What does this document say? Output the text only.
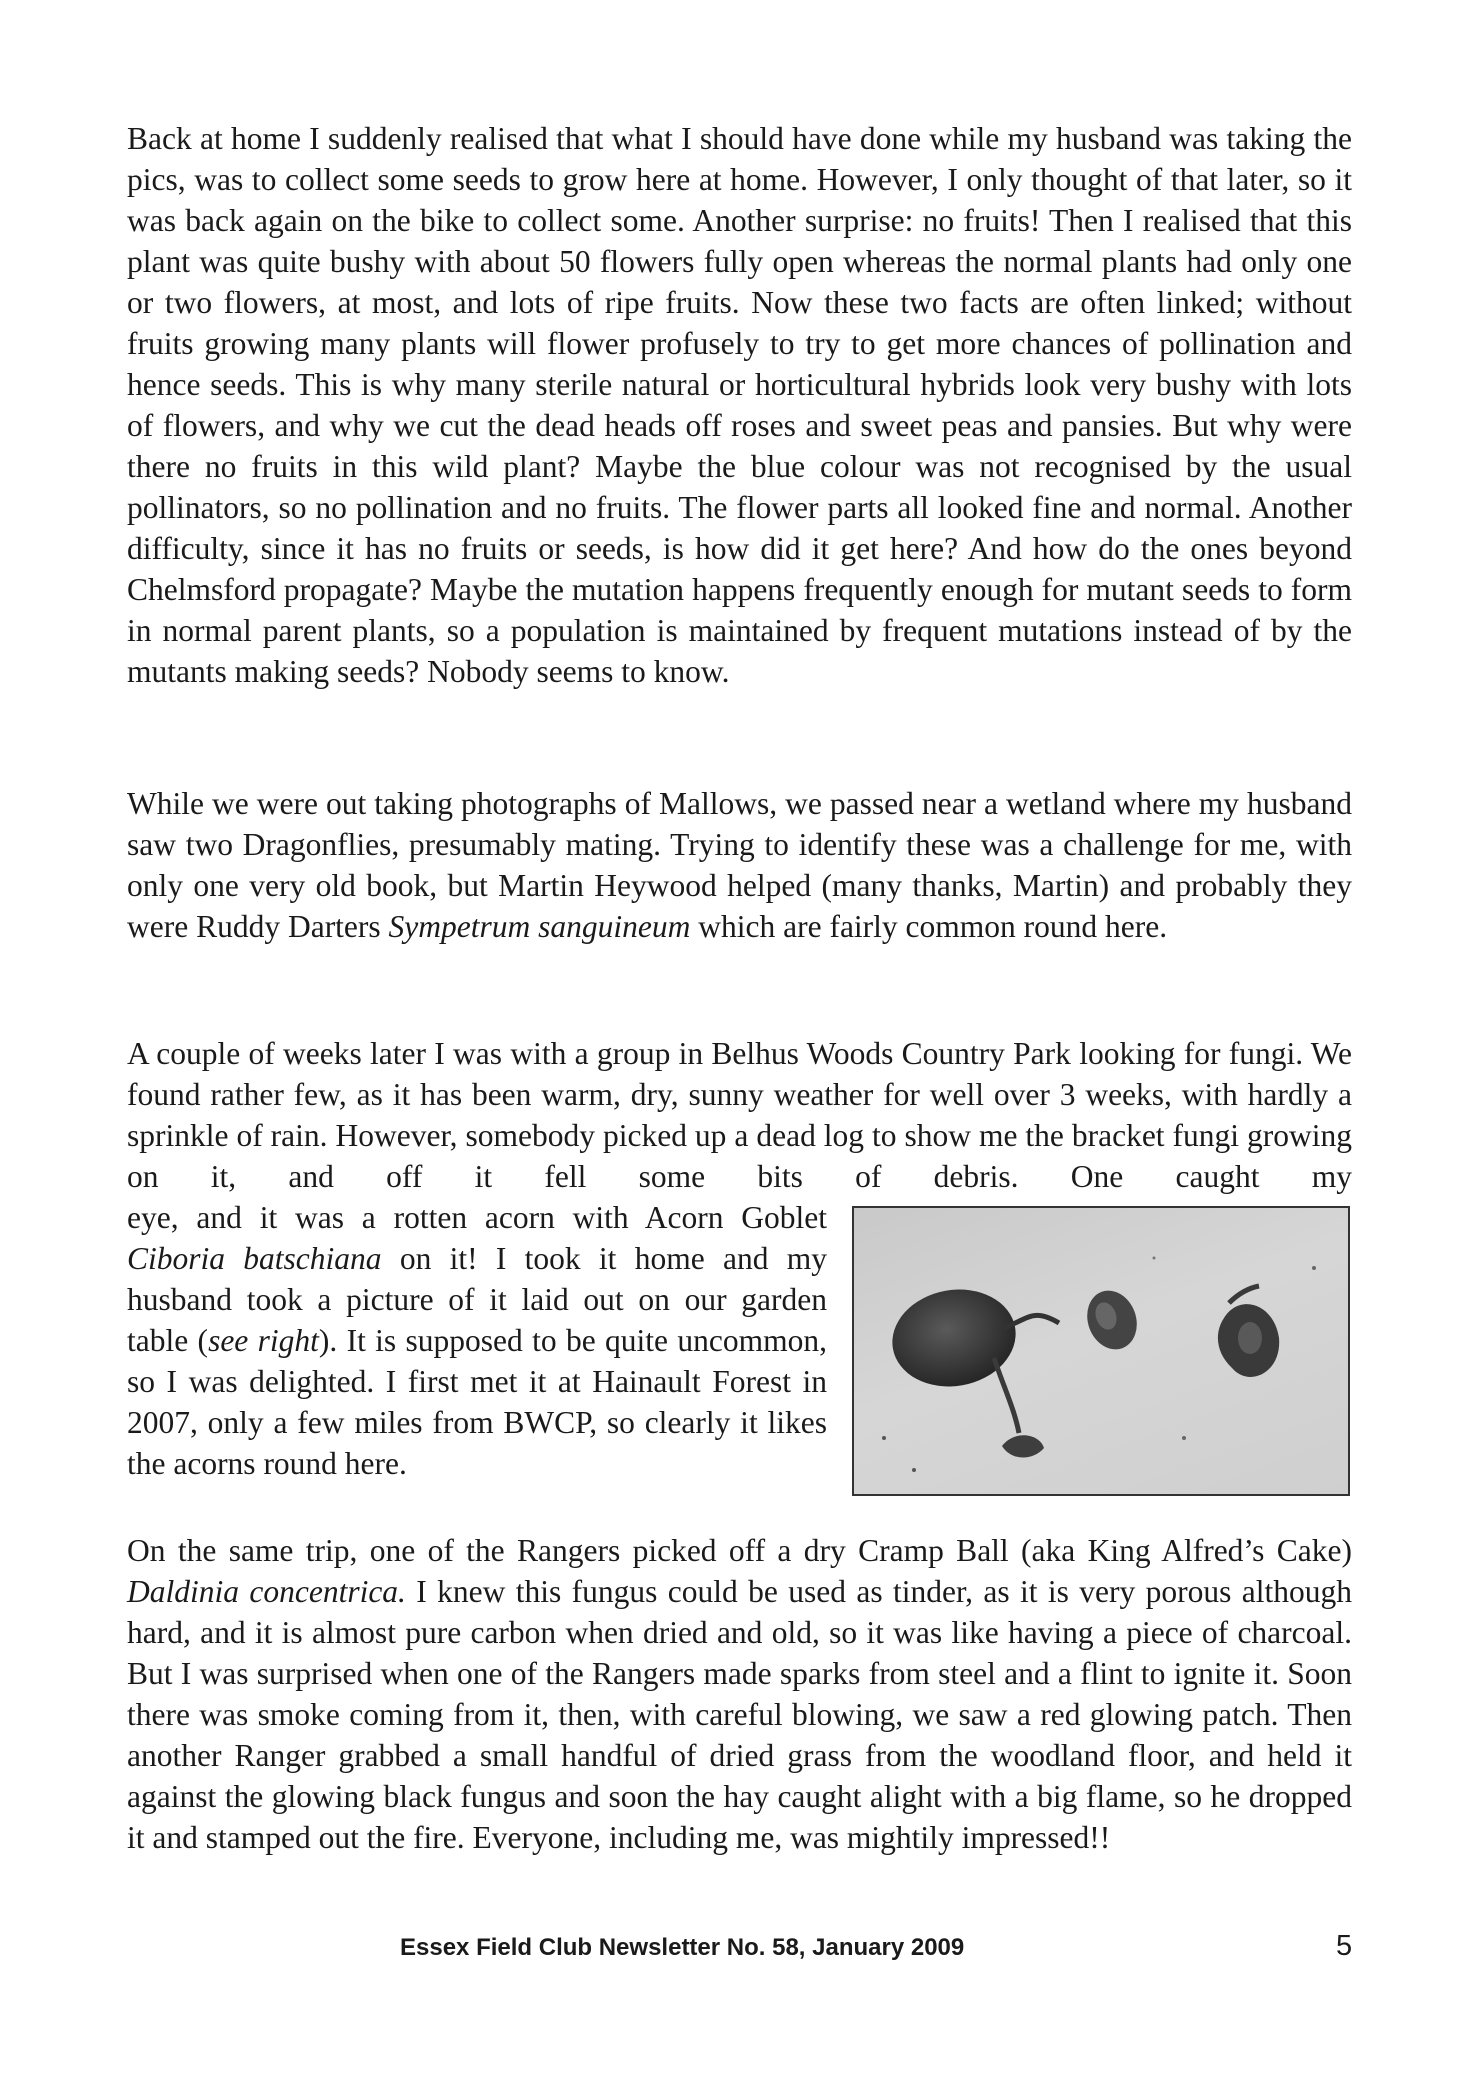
Back at home I suddenly realised that what I should have done while my husband was taking the pics, was to collect some seeds to grow here at home. However, I only thought of that later, so it was back again on the bike to collect some. Another surprise: no fruits! Then I realised that this plant was quite bushy with about 50 flowers fully open whereas the normal plants had only one or two flowers, at most, and lots of ripe fruits. Now these two facts are often linked; without fruits growing many plants will flower profusely to try to get more chances of pollination and hence seeds. This is why many sterile natural or horticultural hybrids look very bushy with lots of flowers, and why we cut the dead heads off roses and sweet peas and pansies. But why were there no fruits in this wild plant? Maybe the blue colour was not recognised by the usual pollinators, so no pollination and no fruits. The flower parts all looked fine and normal. Another difficulty, since it has no fruits or seeds, is how did it get here? And how do the ones beyond Chelmsford propagate? Maybe the mutation happens frequently enough for mutant seeds to form in normal parent plants, so a population is maintained by frequent mutations instead of by the mutants making seeds? Nobody seems to know.

While we were out taking photographs of Mallows, we passed near a wetland where my husband saw two Dragonflies, presumably mating. Trying to identify these was a challenge for me, with only one very old book, but Martin Heywood helped (many thanks, Martin) and probably they were Ruddy Darters Sympetrum sanguineum which are fairly common round here.

A couple of weeks later I was with a group in Belhus Woods Country Park looking for fungi. We found rather few, as it has been warm, dry, sunny weather for well over 3 weeks, with hardly a sprinkle of rain. However, somebody picked up a dead log to show me the bracket fungi growing on it, and off it fell some bits of debris. One caught my

eye, and it was a rotten acorn with Acorn Goblet Ciboria batschiana on it! I took it home and my husband took a picture of it laid out on our garden table (see right). It is supposed to be quite uncommon, so I was delighted. I first met it at Hainault Forest in 2007, only a few miles from BWCP, so clearly it likes the acorns round here.

On the same trip, one of the Rangers picked off a dry Cramp Ball (aka King Alfred’s Cake) Daldinia concentrica. I knew this fungus could be used as tinder, as it is very porous although hard, and it is almost pure carbon when dried and old, so it was like having a piece of charcoal. But I was surprised when one of the Rangers made sparks from steel and a flint to ignite it. Soon there was smoke coming from it, then, with careful blowing, we saw a red glowing patch. Then another Ranger grabbed a small handful of dried grass from the woodland floor, and held it against the glowing black fungus and soon the hay caught alight with a big flame, so he dropped it and stamped out the fire. Everyone, including me, was mightily impressed!!

Essex Field Club Newsletter No. 58, January 2009	5
